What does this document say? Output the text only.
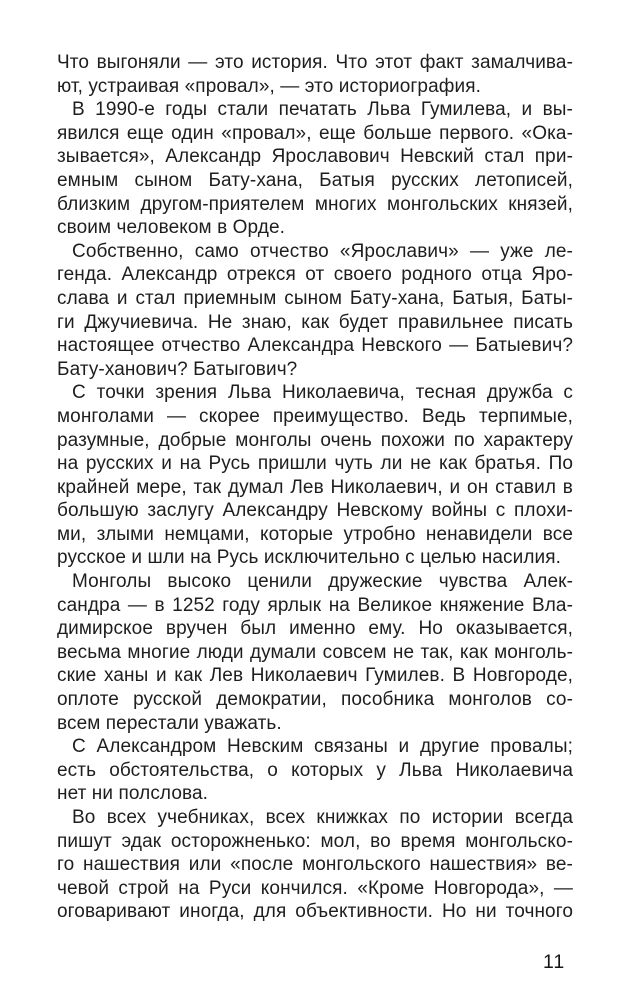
Что выгоняли — это история. Что этот факт замалчива-
ют, устраивая «провал», — это историография.
В 1990-е годы стали печатать Льва Гумилева, и вы-
явился еще один «провал», еще больше первого. «Ока-
зывается», Александр Ярославович Невский стал при-
емным сыном Бату-хана, Батыя русских летописей,
близким другом-приятелем многих монгольских князей,
своим человеком в Орде.
Собственно, само отчество «Ярославич» — уже ле-
генда. Александр отрекся от своего родного отца Яро-
слава и стал приемным сыном Бату-хана, Батыя, Баты-
ги Джучиевича. Не знаю, как будет правильнее писать
настоящее отчество Александра Невского — Батыевич?
Бату-ханович? Батыгович?
С точки зрения Льва Николаевича, тесная дружба с
монголами — скорее преимущество. Ведь терпимые,
разумные, добрые монголы очень похожи по характеру
на русских и на Русь пришли чуть ли не как братья. По
крайней мере, так думал Лев Николаевич, и он ставил в
большую заслугу Александру Невскому войны с плохи-
ми, злыми немцами, которые утробно ненавидели все
русское и шли на Русь исключительно с целью насилия.
Монголы высоко ценили дружеские чувства Алек-
сандра — в 1252 году ярлык на Великое княжение Вла-
димирское вручен был именно ему. Но оказывается,
весьма многие люди думали совсем не так, как монголь-
ские ханы и как Лев Николаевич Гумилев. В Новгороде,
оплоте русской демократии, пособника монголов со-
всем перестали уважать.
С Александром Невским связаны и другие провалы;
есть обстоятельства, о которых у Льва Николаевича
нет ни полслова.
Во всех учебниках, всех книжках по истории всегда
пишут эдак осторожненько: мол, во время монгольско-
го нашествия или «после монгольского нашествия» ве-
чевой строй на Руси кончился. «Кроме Новгорода», —
оговаривают иногда, для объективности. Но ни точного
11
